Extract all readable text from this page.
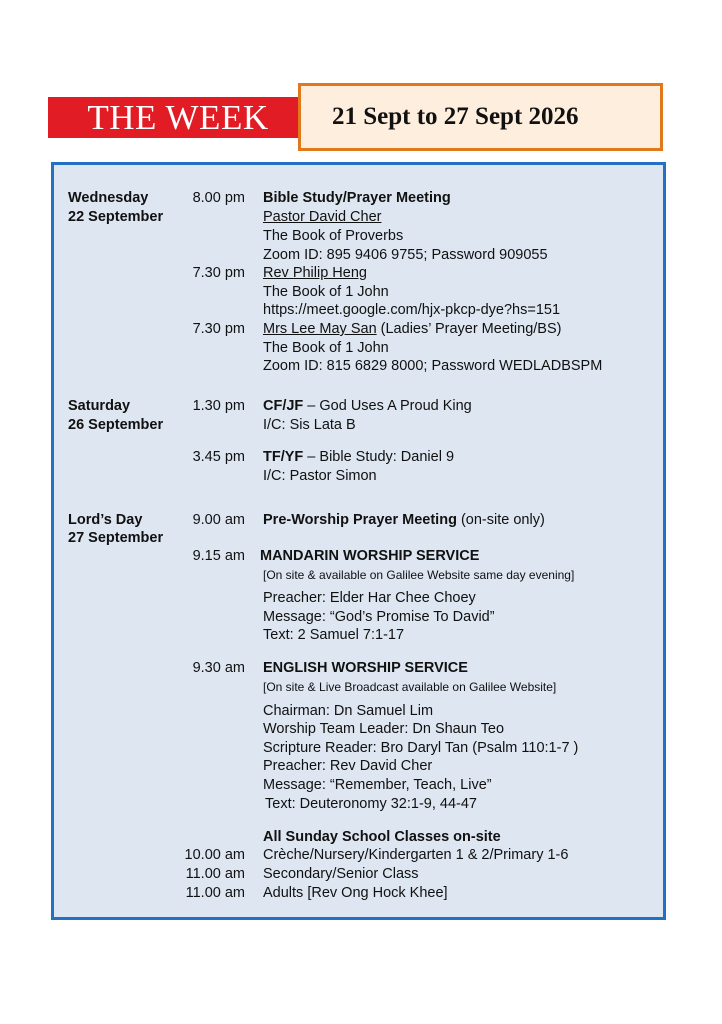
THE WEEK	21 Sept to 27 Sept 2026
Wednesday
22 September
8.00 pm Bible Study/Prayer Meeting
Pastor David Cher
The Book of Proverbs
Zoom ID: 895 9406 9755; Password 909055
7.30 pm Rev Philip Heng
The Book of 1 John
https://meet.google.com/hjx-pkcp-dye?hs=151
7.30 pm Mrs Lee May San (Ladies’ Prayer Meeting/BS)
The Book of 1 John
Zoom ID: 815 6829 8000; Password WEDLADBSPM
Saturday
26 September
1.30 pm CF/JF – God Uses A Proud King
I/C: Sis Lata B
3.45 pm TF/YF – Bible Study: Daniel 9
I/C: Pastor Simon
Lord’s Day
27 September
9.00 am Pre-Worship Prayer Meeting (on-site only)
9.15 am MANDARIN WORSHIP SERVICE
[On site & available on Galilee Website same day evening]
Preacher: Elder Har Chee Choey
Message: “God’s Promise To David”
Text: 2 Samuel 7:1-17
9.30 am ENGLISH WORSHIP SERVICE
[On site & Live Broadcast available on Galilee Website]
Chairman: Dn Samuel Lim
Worship Team Leader: Dn Shaun Teo
Scripture Reader: Bro Daryl Tan (Psalm 110:1-7 )
Preacher: Rev David Cher
Message: “Remember, Teach, Live”
Text: Deuteronomy 32:1-9, 44-47
All Sunday School Classes on-site
10.00 am Crèche/Nursery/Kindergarten 1 & 2/Primary 1-6
11.00 am Secondary/Senior Class
11.00 am Adults [Rev Ong Hock Khee]
